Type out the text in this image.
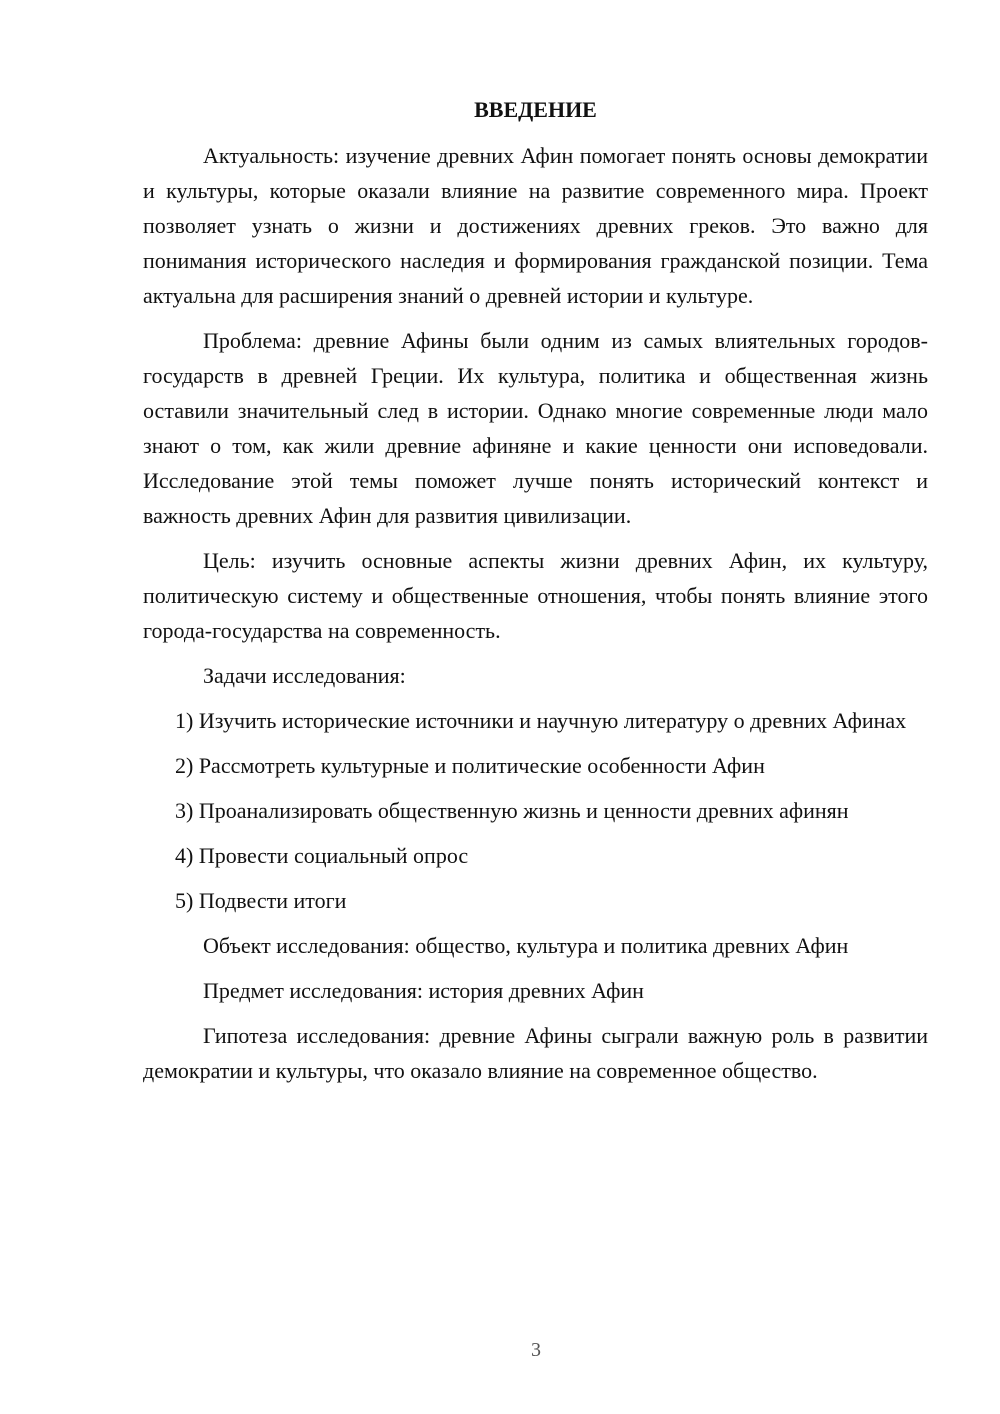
ВВЕДЕНИЕ

Актуальность: изучение древних Афин помогает понять основы демократии и культуры, которые оказали влияние на развитие современного мира. Проект позволяет узнать о жизни и достижениях древних греков. Это важно для понимания исторического наследия и формирования гражданской позиции. Тема актуальна для расширения знаний о древней истории и культуре.

Проблема: древние Афины были одним из самых влиятельных городов-государств в древней Греции. Их культура, политика и общественная жизнь оставили значительный след в истории. Однако многие современные люди мало знают о том, как жили древние афиняне и какие ценности они исповедовали. Исследование этой темы поможет лучше понять исторический контекст и важность древних Афин для развития цивилизации.

Цель: изучить основные аспекты жизни древних Афин, их культуру, политическую систему и общественные отношения, чтобы понять влияние этого города-государства на современность.

Задачи исследования:

1) Изучить исторические источники и научную литературу о древних Афинах

2) Рассмотреть культурные и политические особенности Афин

3) Проанализировать общественную жизнь и ценности древних афинян

4) Провести социальный опрос

5) Подвести итоги

Объект исследования: общество, культура и политика древних Афин

Предмет исследования: история древних Афин

Гипотеза исследования: древние Афины сыграли важную роль в развитии демократии и культуры, что оказало влияние на современное общество.

3
